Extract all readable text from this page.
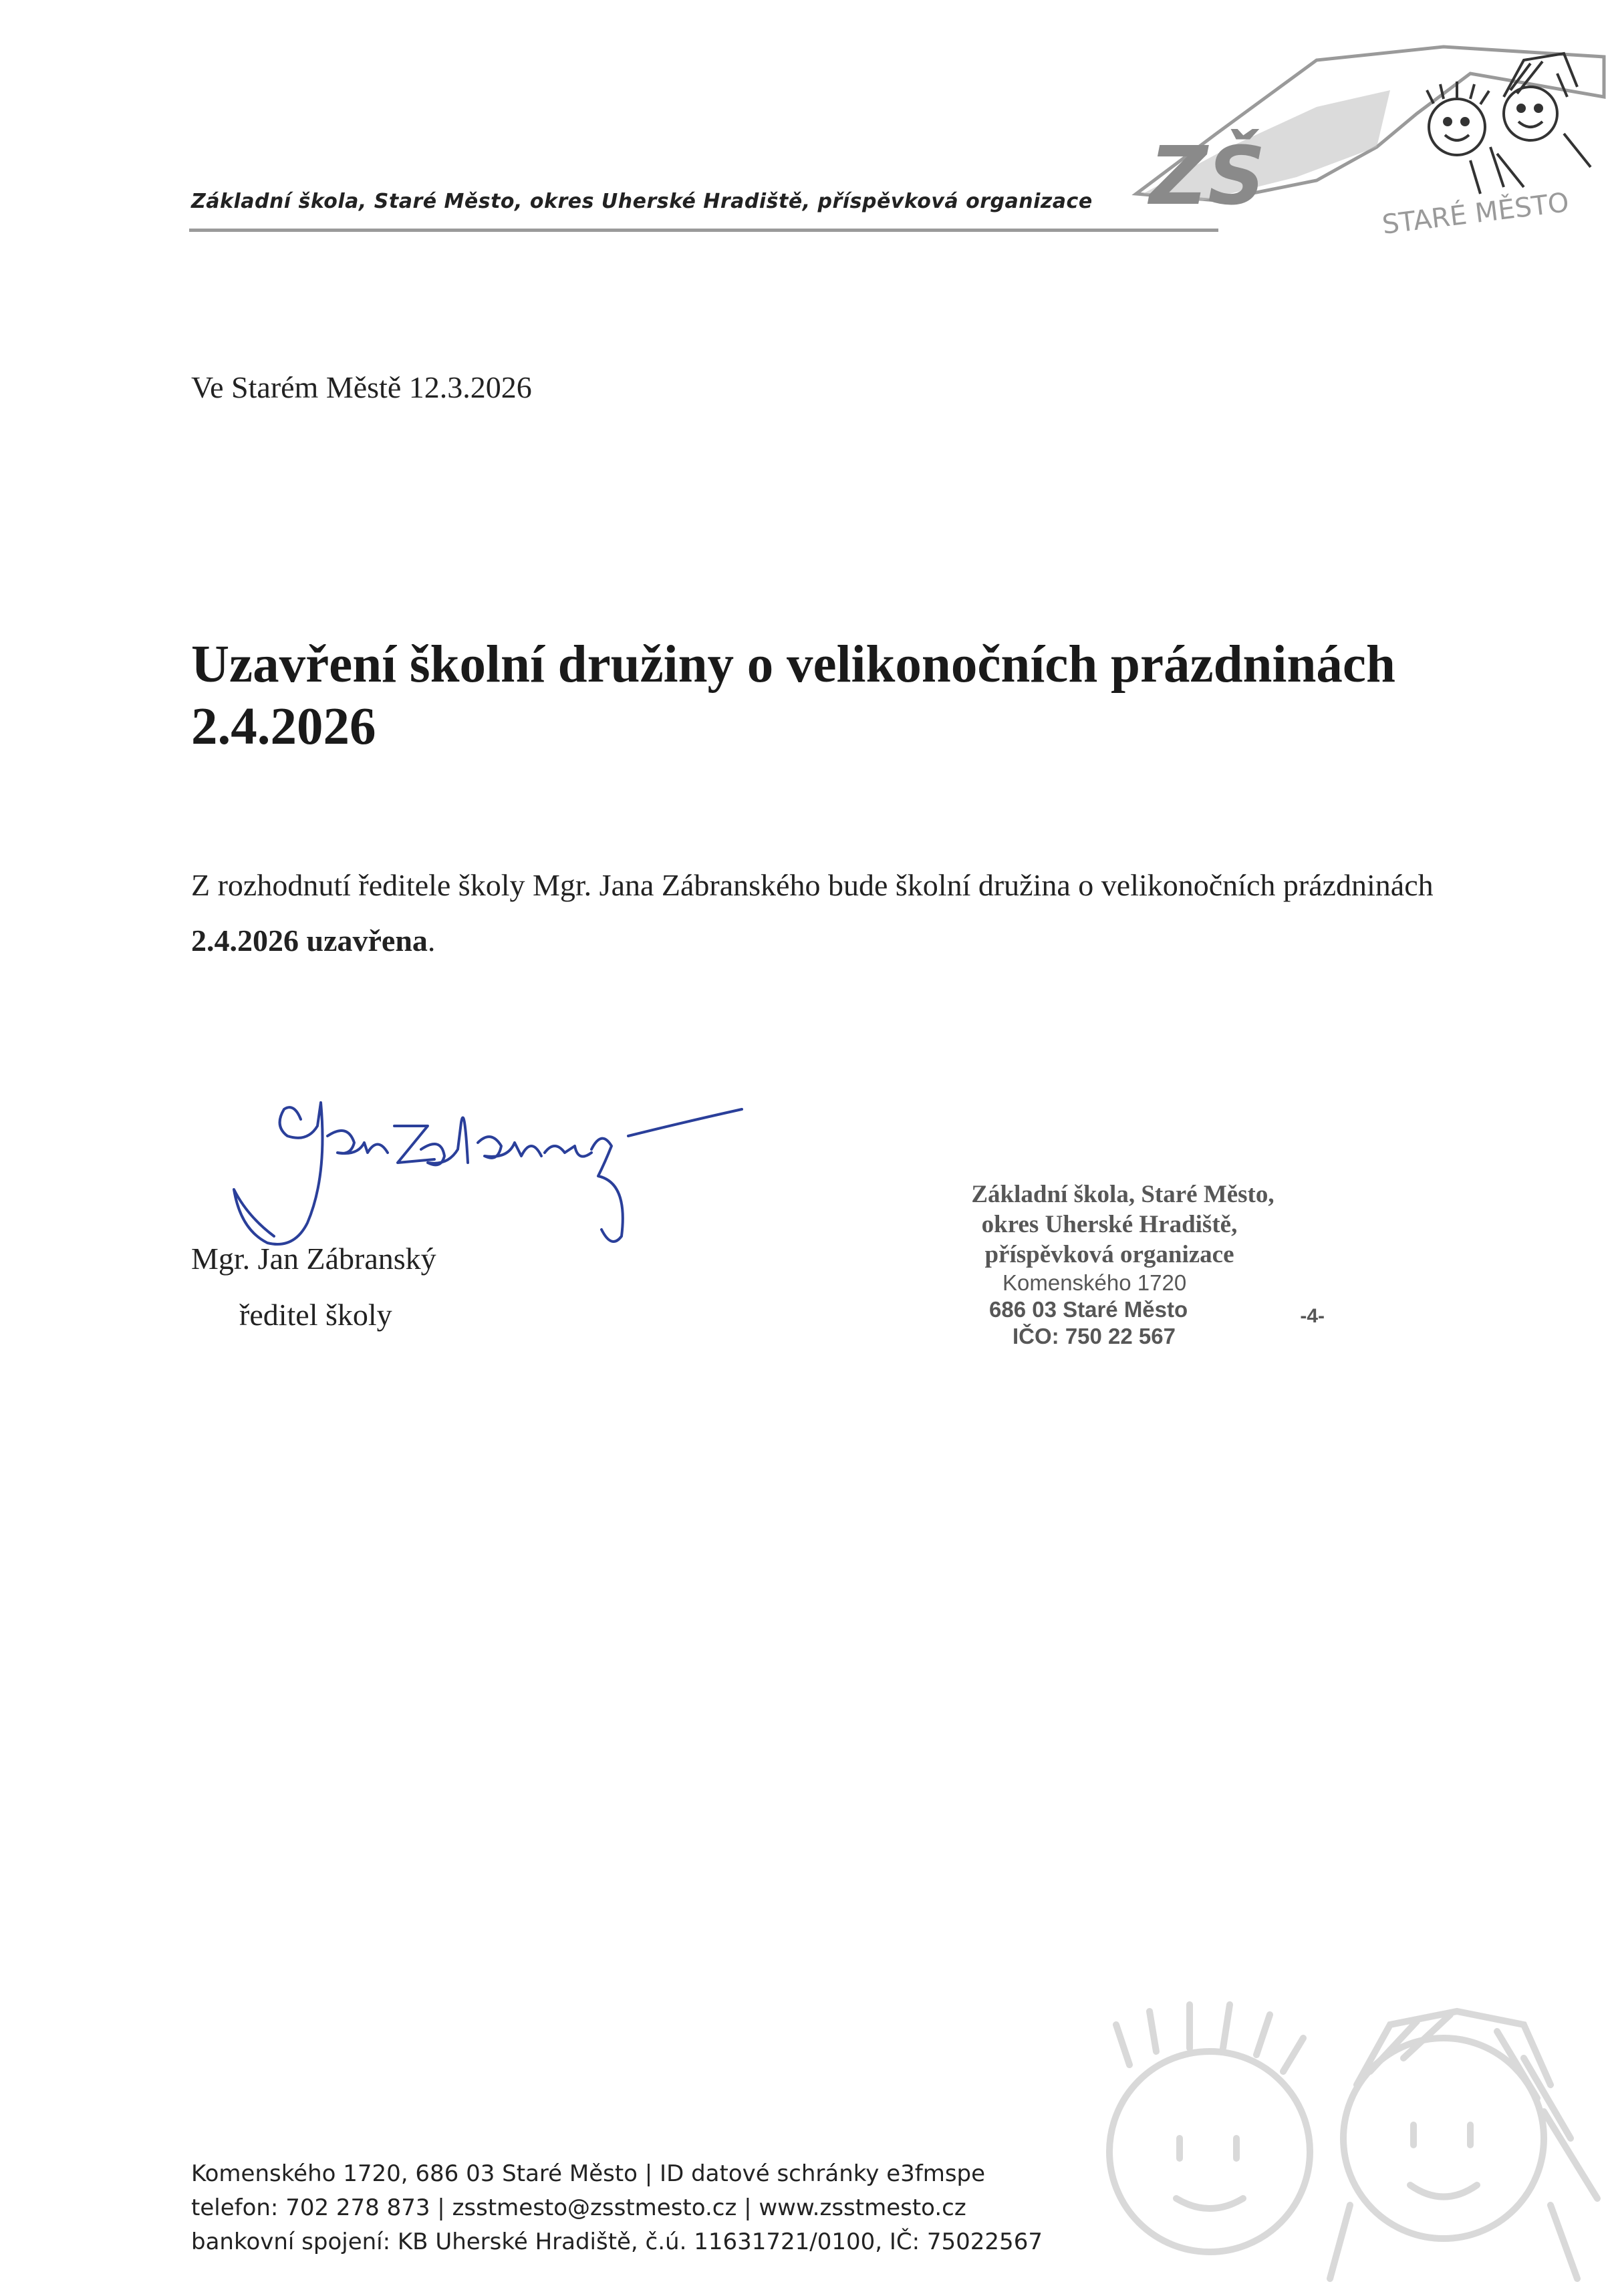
Základní škola, Staré Město, okres Uherské Hradiště, příspěvková organizace ZŠ	STARÉ MĚSTO
Ve Starém Městě 12.3.2026
Uzavření školní družiny o velikonočních prázdninách 2.4.2026
Z rozhodnutí ředitele školy Mgr. Jana Zábranského bude školní družina o velikonočních prázdninách 2.4.2026 uzavřena.
Mgr. Jan Zábranský
ředitel školy
Základní škola, Staré Město,
okres Uherské Hradiště,
příspěvková organizace
Komenského 1720
686 03 Staré Město
IČO: 750 22 567
-4-
Komenského 1720, 686 03 Staré Město | ID datové schránky e3fmspe
telefon: 702 278 873 | zsstmesto@zsstmesto.cz | www.zsstmesto.cz
bankovní spojení: KB Uherské Hradiště, č.ú. 11631721/0100, IČ: 75022567
